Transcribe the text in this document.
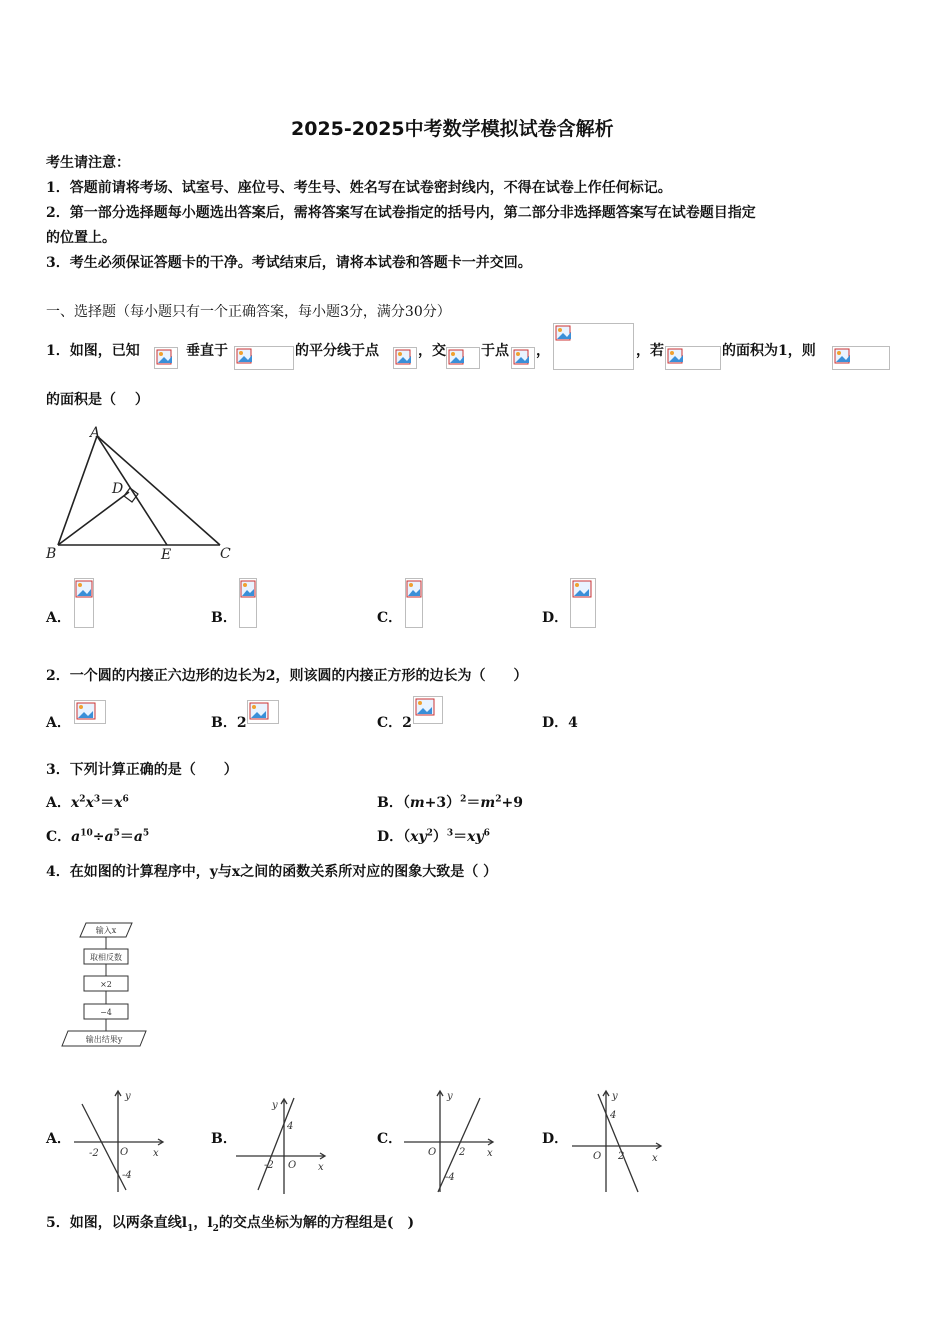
2025-2025中考数学模拟试卷含解析
考生请注意：
1．答题前请将考场、试室号、座位号、考生号、姓名写在试卷密封线内，不得在试卷上作任何标记。
2．第一部分选择题每小题选出答案后，需将答案写在试卷指定的括号内，第二部分非选择题答案写在试卷题目指定
的位置上。
3．考生必须保证答题卡的干净。考试结束后，请将本试卷和答题卡一并交回。
一、选择题（每小题只有一个正确答案，每小题3分，满分30分）
1．如图，已知	垂直于	的平分线于点	，交	于点 ，	，若	的面积为1，则
的面积是（　 ）
A
D
B	E	C
A．	B．	C．	D．
2．一个圆的内接正六边形的边长为2，则该圆的内接正方形的边长为（　　）
A．	B．2	C．2	D．4
3．下列计算正确的是（　　）
A．$x^2x^3=x^6$	B．$(m+3)^2=m^2+9$
C．$a^{10}\div a^5=a^5$	D．$(xy^2)^3=xy^6$
4．在如图的计算程序中，y与x之间的函数关系所对应的图象大致是（ ）
输入x
取相反数
×2
−4
输出结果y
A．
y
-2 O x
-4
B．
y
4
-2 O x
C．
y
O 2 x
-4
D．
y
4
O 2	x
5．如图，以两条直线$l_1$，$l_2$的交点坐标为解的方程组是(　)
